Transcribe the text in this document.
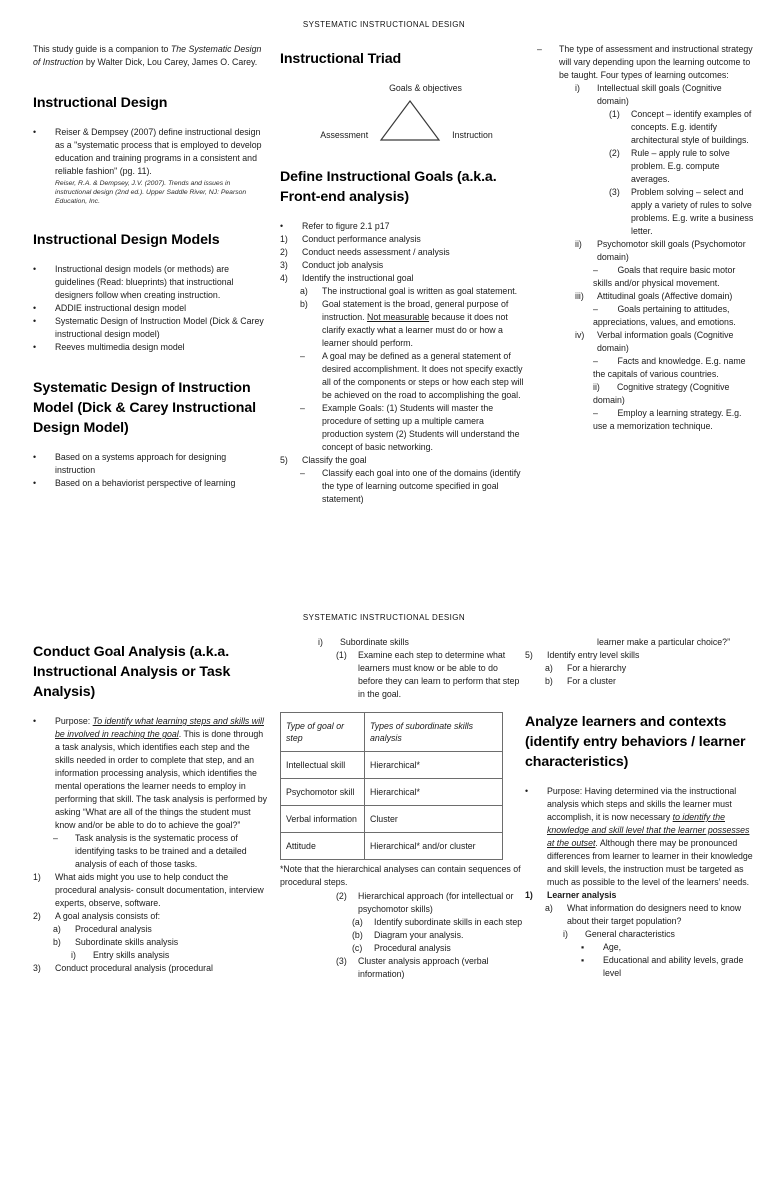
SYSTEMATIC INSTRUCTIONAL DESIGN

This study guide is a companion to The Systematic Design of Instruction by Walter Dick, Lou Carey, James O. Carey.

Instructional Design
•	Reiser & Dempsey (2007) define instructional design as a "systematic process that is employed to develop education and training programs in a consistent and reliable fashion" (pg. 11).
Reiser, R.A. & Dempsey, J.V. (2007). Trends and issues in instructional design (2nd ed.). Upper Saddle River, NJ: Pearson Education, Inc.
Instructional Design Models
•	Instructional design models (or methods) are guidelines (Read: blueprints) that instructional designers follow when creating instruction.
•	ADDIE instructional design model
•	Systematic Design of Instruction Model (Dick & Carey instructional design model)
•	Reeves multimedia design model
Systematic Design of Instruction Model (Dick & Carey Instructional Design Model)
•	Based on a systems approach for designing instruction
•	Based on a behaviorist perspective of learning
Instructional Triad
Goals & objectives
Assessment	Instruction
Define Instructional Goals (a.k.a. Front-end analysis)
•	Refer to figure 2.1 p17
1)	Conduct performance analysis
2)	Conduct needs assessment / analysis
3)	Conduct job analysis
4)	Identify the instructional goal
a)	The instructional goal is written as goal statement.
b)	Goal statement is the broad, general purpose of instruction. Not measurable because it does not clarify exactly what a learner must do or how a learner should perform.
–	A goal may be defined as a general statement of desired accomplishment. It does not specify exactly all of the components or steps or how each step will be achieved on the road to accomplishing the goal.
–	Example Goals: (1) Students will master the procedure of setting up a multiple camera production system (2) Students will understand the concept of basic networking.
5)	Classify the goal
–	Classify each goal into one of the domains (identify the type of learning outcome specified in goal statement)
–	The type of assessment and instructional strategy will vary depending upon the learning outcome to be taught. Four types of learning outcomes:
i)	Intellectual skill goals (Cognitive domain)
(1)	Concept – identify examples of concepts. E.g. identify architectural style of buildings.
(2)	Rule – apply rule to solve problem. E.g. compute averages.
(3)	Problem solving – select and apply a variety of rules to solve problems. E.g. write a business letter.
ii)	Psychomotor skill goals (Psychomotor domain)
–        Goals that require basic motor skills and/or physical movement.
iii)	Attitudinal goals (Affective domain)
–        Goals pertaining to attitudes, appreciations, values, and emotions.
iv)	Verbal information goals (Cognitive domain)
–        Facts and knowledge. E.g. name the capitals of various countries.
ii)       Cognitive strategy (Cognitive domain)
–        Employ a learning strategy. E.g. use a memorization technique.
SYSTEMATIC INSTRUCTIONAL DESIGN
Conduct Goal Analysis (a.k.a. Instructional Analysis or Task Analysis)
•	Purpose: To identify what learning steps and skills will be involved in reaching the goal. This is done through a task analysis, which identifies each step and the skills needed in order to complete that step, and an information processing analysis, which identifies the mental operations the learner needs to employ in performing that skill. The task analysis is performed by asking “What are all of the things the student must know and/or be able to do to achieve the goal?”
–	Task analysis is the systematic process of identifying tasks to be trained and a detailed analysis of each of those tasks.
1)	What aids might you use to help conduct the procedural analysis- consult documentation, interview experts, observe, software.
2)	A goal analysis consists of:
a)	Procedural analysis
b)	Subordinate skills analysis
i)	Entry skills analysis
3)	Conduct procedural analysis (procedural
i)	Subordinate skills
(1)	Examine each step to determine what learners must know or be able to do before they can learn to perform that step in the goal.
Type of goal or step	Types of subordinate skills analysis
Intellectual skill	Hierarchical*
Psychomotor skill	Hierarchical*
Verbal information	Cluster
Attitude	Hierarchical* and/or cluster
*Note that the hierarchical analyses can contain sequences of procedural steps.
(2)	Hierarchical approach (for intellectual or psychomotor skills)
(a)	Identify subordinate skills in each step
(b)	Diagram your analysis.
(c)	Procedural analysis
(3)	Cluster analysis approach (verbal information)
learner make a particular choice?”
5)	Identify entry level skills
a)	For a hierarchy
b)	For a cluster
Analyze learners and contexts (identify entry behaviors / learner characteristics)
•	Purpose: Having determined via the instructional analysis which steps and skills the learner must accomplish, it is now necessary to identify the knowledge and skill level that the learner possesses at the outset. Although there may be pronounced differences from learner to learner in their knowledge and skill levels, the instruction must be targeted as much as possible to the level of the learners’ needs.
1)	Learner analysis
a)	What information do designers need to know about their target population?
i)	General characteristics
▪	Age,
▪	Educational and ability levels, grade level
